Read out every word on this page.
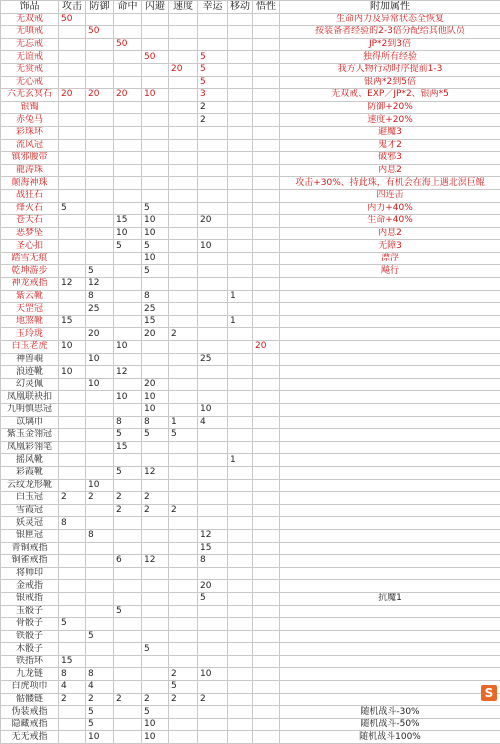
饰品	攻击	防御	命中	闪避	速度	幸运	移动	悟性	附加属性
无双戒	50								生命内力及异常状态全恢复
无嗔戒		50							按装备者经验的2-3倍分配给其他队员
无忘戒			50						JP*2到3倍
无谊戒				50		5			独得所有经验
无赏戒					20	5			我方人物行动时序提前1-3
无心戒						5			银两*2到5倍
六无玄冥石	20	20	20	10		3			无双戒、EXP／JP*2、银两*5
银镯						2			防御+20%
赤兔马						2			速度+20%
彩珠环									避魔3
流风冠									鬼才2
镇邪腰带									破邪3
龍涛珠									内息2
颠海神珠									攻击+30%、持此珠，有机会在海上遇北溟巨鲲
战狂石									四连击
烽火石	5			5					内力+40%
苍天石			15	10		20			生命+40%
恶梦坠			10	10					内息2
圣心扣			5	5		10			无障3
踏雪无痕				10					漂浮
乾坤游步		5		5					飚行
神龙戒指	12	12							
紫云靴		8		8			1		
天罡冠		25		25					
地煞靴	15			15			1		
玉玲珑		20		20	2				
白玉老虎	10		10					20	
神兽覗		10				25			
浪迹靴	10		12						
幻灵佩		10		20					
凤凰联袂扣			10	10					
九明慎思冠				10		10			
苡璃巾			8	8	1	4			
紫玉金翎冠			5	5	5				
凤凰彩翎笔			15						
摇风靴							1		
彩霞靴			5	12					
云纹龙形靴		10							
白玉冠	2	2	2	2					
雪霞冠			2	2	2				
妖灵冠	8								
银匣冠		8				12			
青铜戒指						15			
铜雀戒指			6	12		8			
将帅印									
金戒指						20			
银戒指						5			抗魔1
玉骰子			5						
骨骰子	5								
铁骰子		5							
木骰子				5					
铁指环	15								
九龙链	8	8			2	10			
白虎项巾	4	4			5				
骷髅链	2	2	2	2	2	2			
伪装戒指		5		5					随机战斗-30%
隐藏戒指		5		10					随机战斗-50%
无无戒指		10		10					随机战斗100%
S
